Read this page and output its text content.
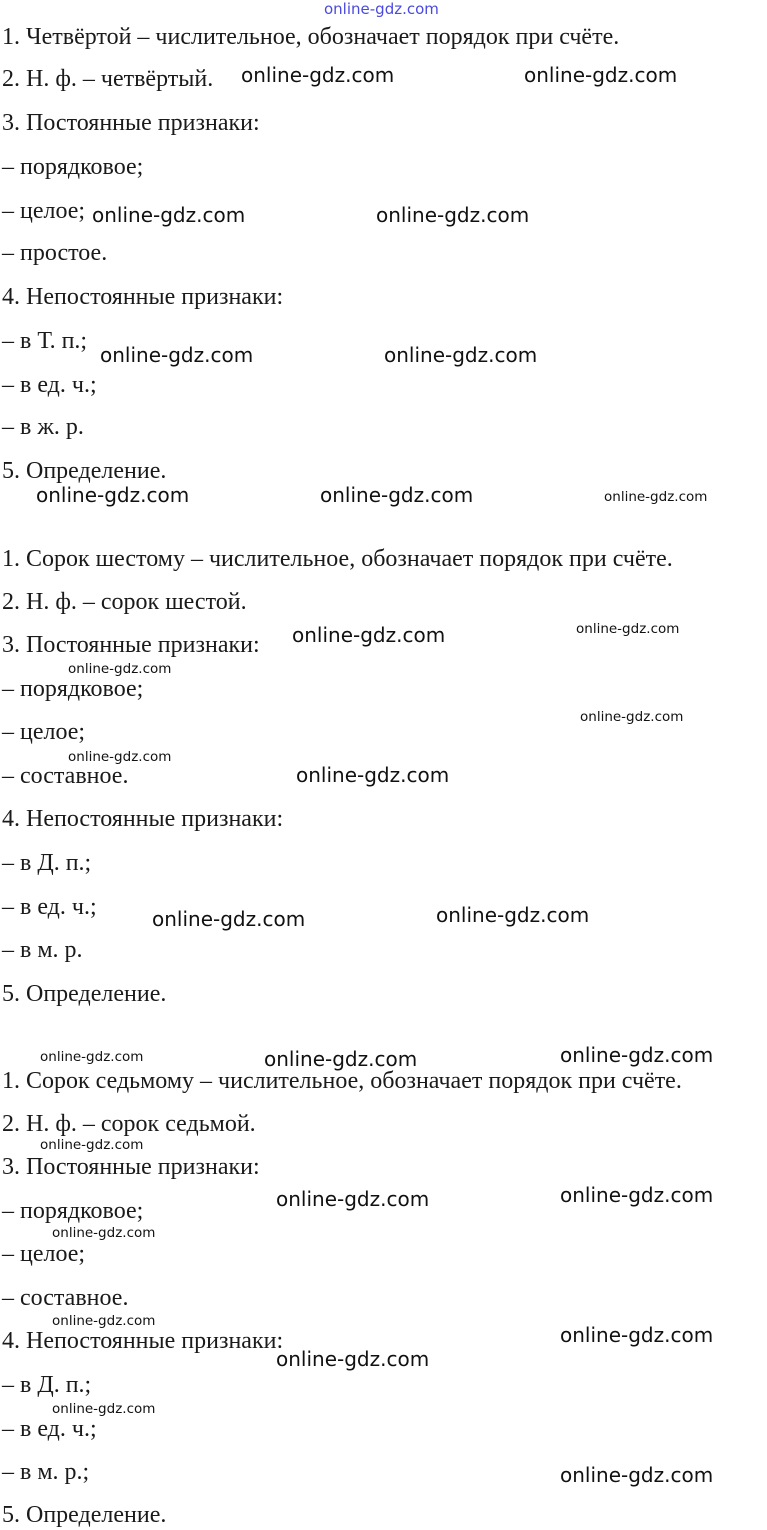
1. Четвёртой – числительное, обозначает порядок при счёте.
2. Н. ф. – четвёртый.
3. Постоянные признаки:
– порядковое;
– целое;
– простое.
4. Непостоянные признаки:
– в Т. п.;
– в ед. ч.;
– в ж. р.
5. Определение.
1. Сорок шестому – числительное, обозначает порядок при счёте.
2. Н. ф. – сорок шестой.
3. Постоянные признаки:
– порядковое;
– целое;
– составное.
4. Непостоянные признаки:
– в Д. п.;
– в ед. ч.;
– в м. р.
5. Определение.
1. Сорок седьмому – числительное, обозначает порядок при счёте.
2. Н. ф. – сорок седьмой.
3. Постоянные признаки:
– порядковое;
– целое;
– составное.
4. Непостоянные признаки:
– в Д. п.;
– в ед. ч.;
– в м. р.;
5. Определение.
online-gdz.com
online-gdz.com	online-gdz.com
online-gdz.com	online-gdz.com
online-gdz.com	online-gdz.com
online-gdz.com	online-gdz.com	online-gdz.com
online-gdz.com	online-gdz.com
online-gdz.com
online-gdz.com
online-gdz.com
online-gdz.com
online-gdz.com	online-gdz.com
online-gdz.com	online-gdz.com	online-gdz.com
online-gdz.com
online-gdz.com	online-gdz.com
online-gdz.com
online-gdz.com
online-gdz.com
online-gdz.com
online-gdz.com
online-gdz.com
